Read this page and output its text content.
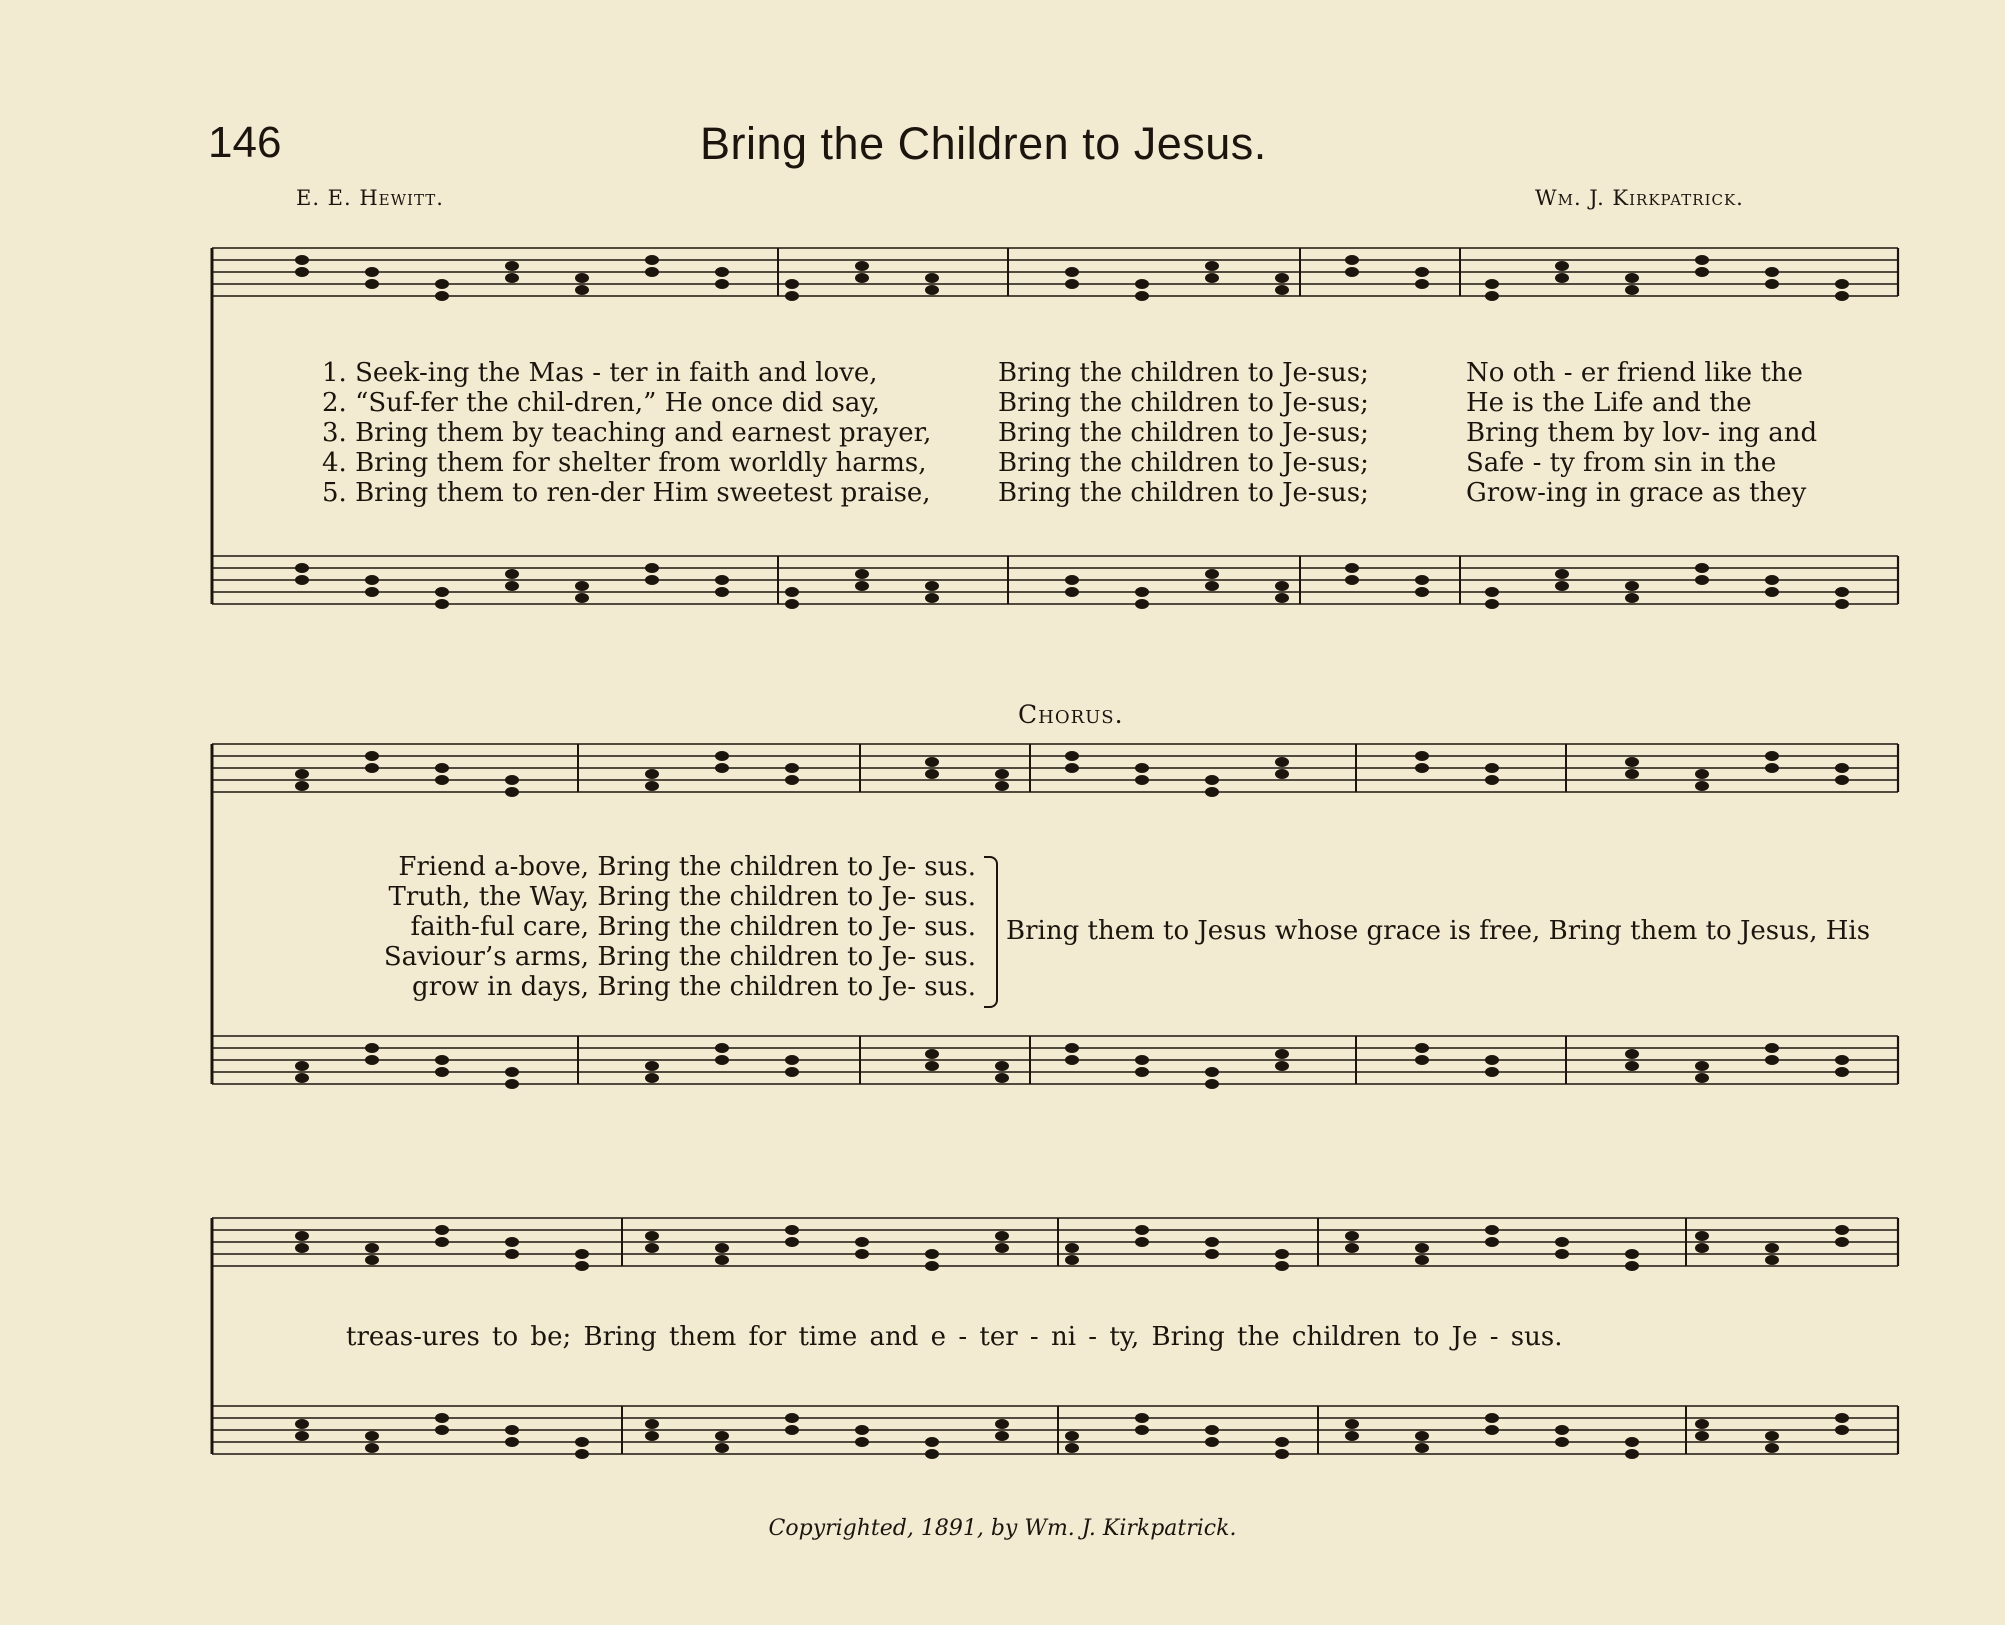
146	Bring the Children to Jesus.
E. E. Hewitt.	Wm. J. Kirkpatrick.
1. Seek-ing the Mas - ter in faith and love,	Bring the children to Je-sus;	No oth - er friend like the
2. “Suf-fer the chil-dren,” He once did say,	Bring the children to Je-sus;	He is the Life and the
3. Bring them by teaching and earnest prayer,	Bring the children to Je-sus;	Bring them by lov- ing and
4. Bring them for shelter from worldly harms,	Bring the children to Je-sus;	Safe - ty from sin in the
5. Bring them to ren-der Him sweetest praise,	Bring the children to Je-sus;	Grow-ing in grace as they
Chorus.
Friend a-bove, Bring the children to Je- sus.
Truth, the Way, Bring the children to Je- sus.
faith-ful care, Bring the children to Je- sus.
Saviour’s arms, Bring the children to Je- sus.
grow in days, Bring the children to Je- sus.
Bring them to Jesus whose grace is free, Bring them to Jesus, His
treas-ures to be; Bring them for time and e - ter - ni - ty, Bring the children to Je - sus.
Copyrighted, 1891, by Wm. J. Kirkpatrick.
